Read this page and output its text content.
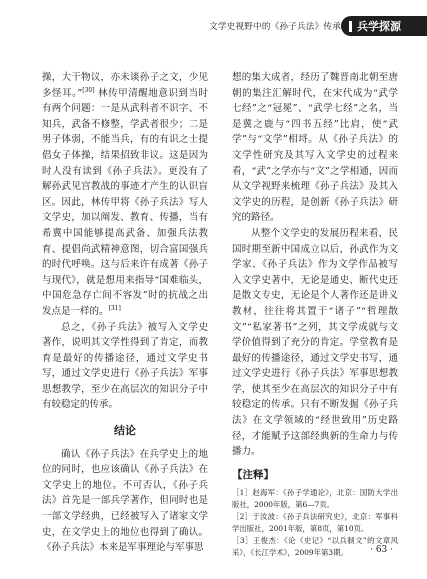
文学史视野中的《孙子兵法》传承 兵学探源

操，大干物议，亦未谈孙子之文，少见多怪耳。”[30] 林传甲清醒地意识到当时有两个问题：一是从武科者不识字、不知兵，武备不修整，学武者很少；二是男子体弱，不能当兵，有的有识之士提倡女子体操，结果招致非议。这是因为时人没有读到《孙子兵法》。更没有了解孙武见宫教战的事迹才产生的认识盲区。因此，林传甲将《孙子兵法》写人文学史，加以阐发、教育、传播，当有希冀中国能够提高武备、加强兵法教育、提倡尚武精神意图，切合富国强兵的时代呼唤。这与后来许有成著《孙子与现代》，就是想用来指导“国难临头，中国危急存亡间不容发”时的抗战之出发点是一样的。[31]

总之，《孙子兵法》被写入文学史著作，说明其文学性得到了肯定，而教育是最好的传播途径，通过文学史书写，通过文学史进行《孙子兵法》军事思想教学，至少在高层次的知识分子中有较稳定的传承。

结论

确认《孙子兵法》在兵学史上的地位的同时，也应该确认《孙子兵法》在文学史上的地位。不可否认，《孙子兵法》首先是一部兵学著作，但同时也是一部文学经典，已经被写入了诸家文学史，在文学史上的地位也得到了确认。《孙子兵法》本来是军事理论与军事思

想的集大成者，经历了魏晋南北朝至唐朝的集注汇解时代，在宋代成为“武学七经”之“冠冕”、“武学七经”之名，当是冀之鹿与“四书五经”比肩，使“武学”与“文学”相埒。从《孙子兵法》的文学性研究及其写入文学史的过程来看，“武”之学亦与“文”之学相通，因而从文学视野来梳理《孙子兵法》及其入文学史的历程，是创新《孙子兵法》研究的路径。

从整个文学史的发展历程来看，民国时期至新中国成立以后，孙武作为文学家、《孙子兵法》作为文学作品被写入文学史著中，无论是通史、断代史还是散文专史，无论是个人著作还是讲义教材，往往将其置于“诸子”“哲理散文”“私家著书”之列，其文学成就与文学价值得到了充分的肯定。学堂教育是最好的传播途径，通过文学史书写，通过文学史进行《孙子兵法》军事思想教学，使其至少在高层次的知识分子中有较稳定的传承。只有不断发掘《孙子兵法》在文学领域的“经世致用”历史路径，才能赋予这部经典新的生命力与传播力。

【注释】

［1］赵海军：《孙子学通论》，北京：国防大学出版社，2000年版，第6—7页。

［2］于汝波：《孙子兵法研究史》，北京：军事科学出版社，2001年版，第8页，第10页。

［3］王俊杰：《论《史记》“以兵制文”的文章风采》，《长江学术》，2009年第3期。	· 63 ·
